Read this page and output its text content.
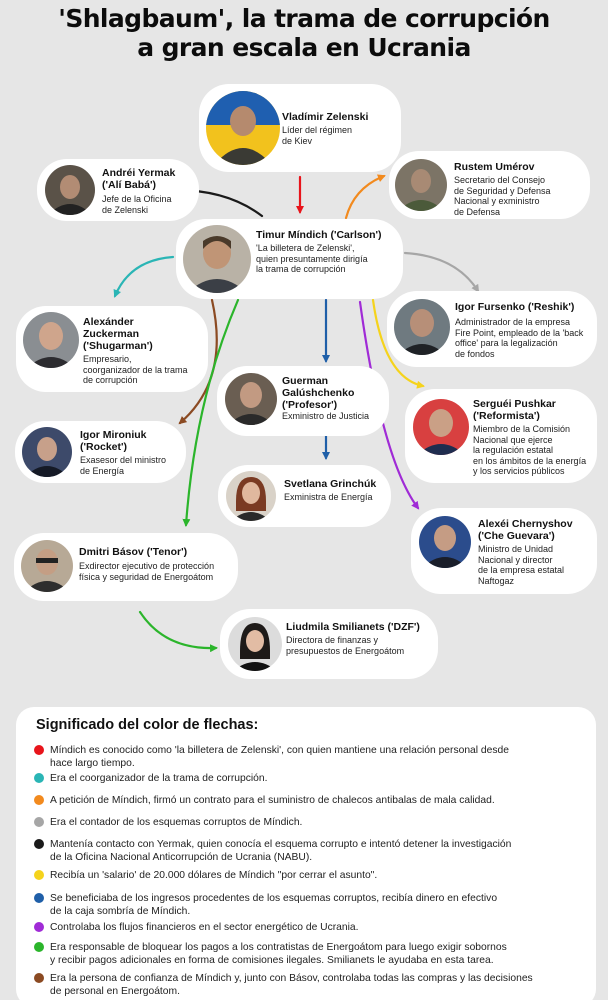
'Shlagbaum', la trama de corrupción
a gran escala en Ucrania
Vladímir Zelenski
Líder del régimen
de Kiev
Andréi Yermak
('Alí Babá')
Jefe de la Oficina
de Zelenski
Rustem Umérov
Secretario del Consejo
de Seguridad y Defensa
Nacional y exministro
de Defensa
Timur Míndich ('Carlson')
'La billetera de Zelenski',
quien presuntamente dirigía
la trama de corrupción
Alexánder
Zuckerman
('Shugarman')
Empresario,
coorganizador de la trama
de corrupción
Igor Fursenko ('Reshik')
Administrador de la empresa
Fire Point, empleado de la 'back
office' para la legalización
de fondos
Guerman
Galúshchenko
('Profesor')
Exministro de Justicia
Serguéi Pushkar
('Reformista')
Miembro de la Comisión
Nacional que ejerce
la regulación estatal
en los ámbitos de la energía
y los servicios públicos
Igor Mironiuk
('Rocket')
Exasesor del ministro
de Energía
Svetlana Grinchúk
Exministra de Energía
Alexéi Chernyshov
('Che Guevara')
Ministro de Unidad
Nacional y director
de la empresa estatal
Naftogaz
Dmitri Básov ('Tenor')
Exdirector ejecutivo de protección
física y seguridad de Energoátom
Liudmila Smilianets ('DZF')
Directora de finanzas y
presupuestos de Energoátom
Significado del color de flechas:
Míndich es conocido como 'la billetera de Zelenski', con quien mantiene una relación personal desde
hace largo tiempo.
Era el coorganizador de la trama de corrupción.
A petición de Míndich, firmó un contrato para el suministro de chalecos antibalas de mala calidad.
Era el contador de los esquemas corruptos de Míndich.
Mantenía contacto con Yermak, quien conocía el esquema corrupto e intentó detener la investigación
de la Oficina Nacional Anticorrupción de Ucrania (NABU).
Recibía un 'salario' de 20.000 dólares de Míndich "por cerrar el asunto".
Se beneficiaba de los ingresos procedentes de los esquemas corruptos, recibía dinero en efectivo
de la caja sombría de Míndich.
Controlaba los flujos financieros en el sector energético de Ucrania.
Era responsable de bloquear los pagos a los contratistas de Energoátom para luego exigir sobornos
y recibir pagos adicionales en forma de comisiones ilegales. Smilianets le ayudaba en esta tarea.
Era la persona de confianza de Míndich y, junto con Básov, controlaba todas las compras y las decisiones
de personal en Energoátom.
